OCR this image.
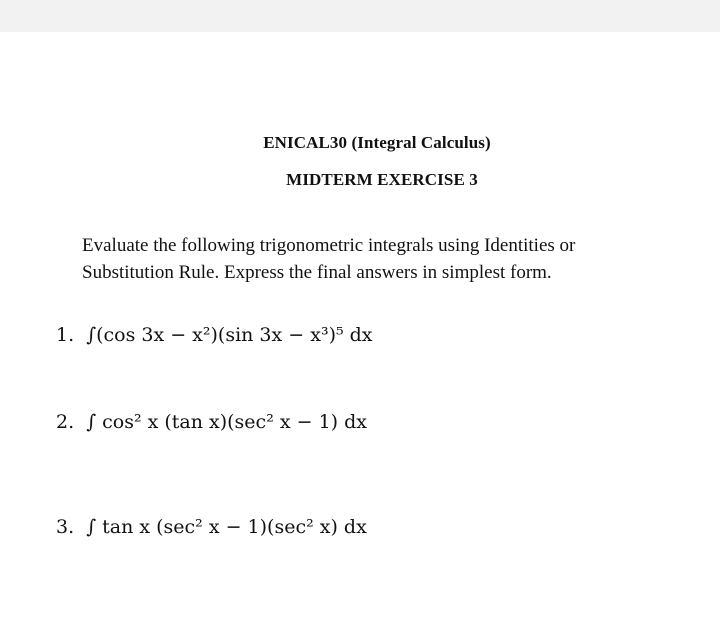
ENICAL30 (Integral Calculus)
MIDTERM EXERCISE 3

Evaluate the following trigonometric integrals using Identities or

Substitution Rule. Express the final answers in simplest form.

1. ∫(cos 3x − x²)(sin 3x − x³)⁵ dx
2. ∫ cos² x (tan x)(sec² x − 1) dx
3. ∫ tan x (sec² x − 1)(sec² x) dx
